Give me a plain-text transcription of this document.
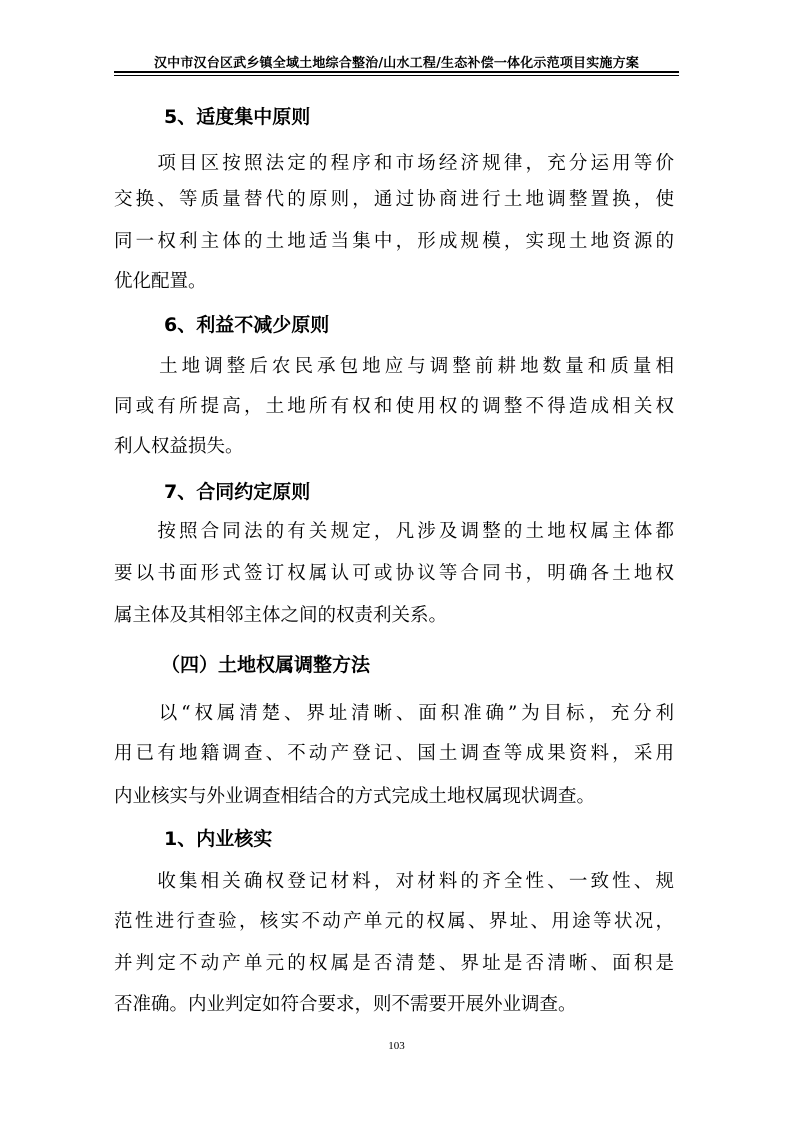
汉中市汉台区武乡镇全域土地综合整治/山水工程/生态补偿一体化示范项目实施方案
5、适度集中原则
　　项目区按照法定的程序和市场经济规律，充分运用等价
交换、等质量替代的原则，通过协商进行土地调整置换，使
同一权利主体的土地适当集中，形成规模，实现土地资源的
优化配置。
6、利益不减少原则
　　土地调整后农民承包地应与调整前耕地数量和质量相
同或有所提高，土地所有权和使用权的调整不得造成相关权
利人权益损失。
7、合同约定原则
　　按照合同法的有关规定，凡涉及调整的土地权属主体都
要以书面形式签订权属认可或协议等合同书，明确各土地权
属主体及其相邻主体之间的权责利关系。
（四）土地权属调整方法
　　以“权属清楚、界址清晰、面积准确”为目标，充分利
用已有地籍调查、不动产登记、国土调查等成果资料，采用
内业核实与外业调查相结合的方式完成土地权属现状调查。
1、内业核实
　　收集相关确权登记材料，对材料的齐全性、一致性、规
范性进行查验，核实不动产单元的权属、界址、用途等状况，
并判定不动产单元的权属是否清楚、界址是否清晰、面积是
否准确。内业判定如符合要求，则不需要开展外业调查。
103
